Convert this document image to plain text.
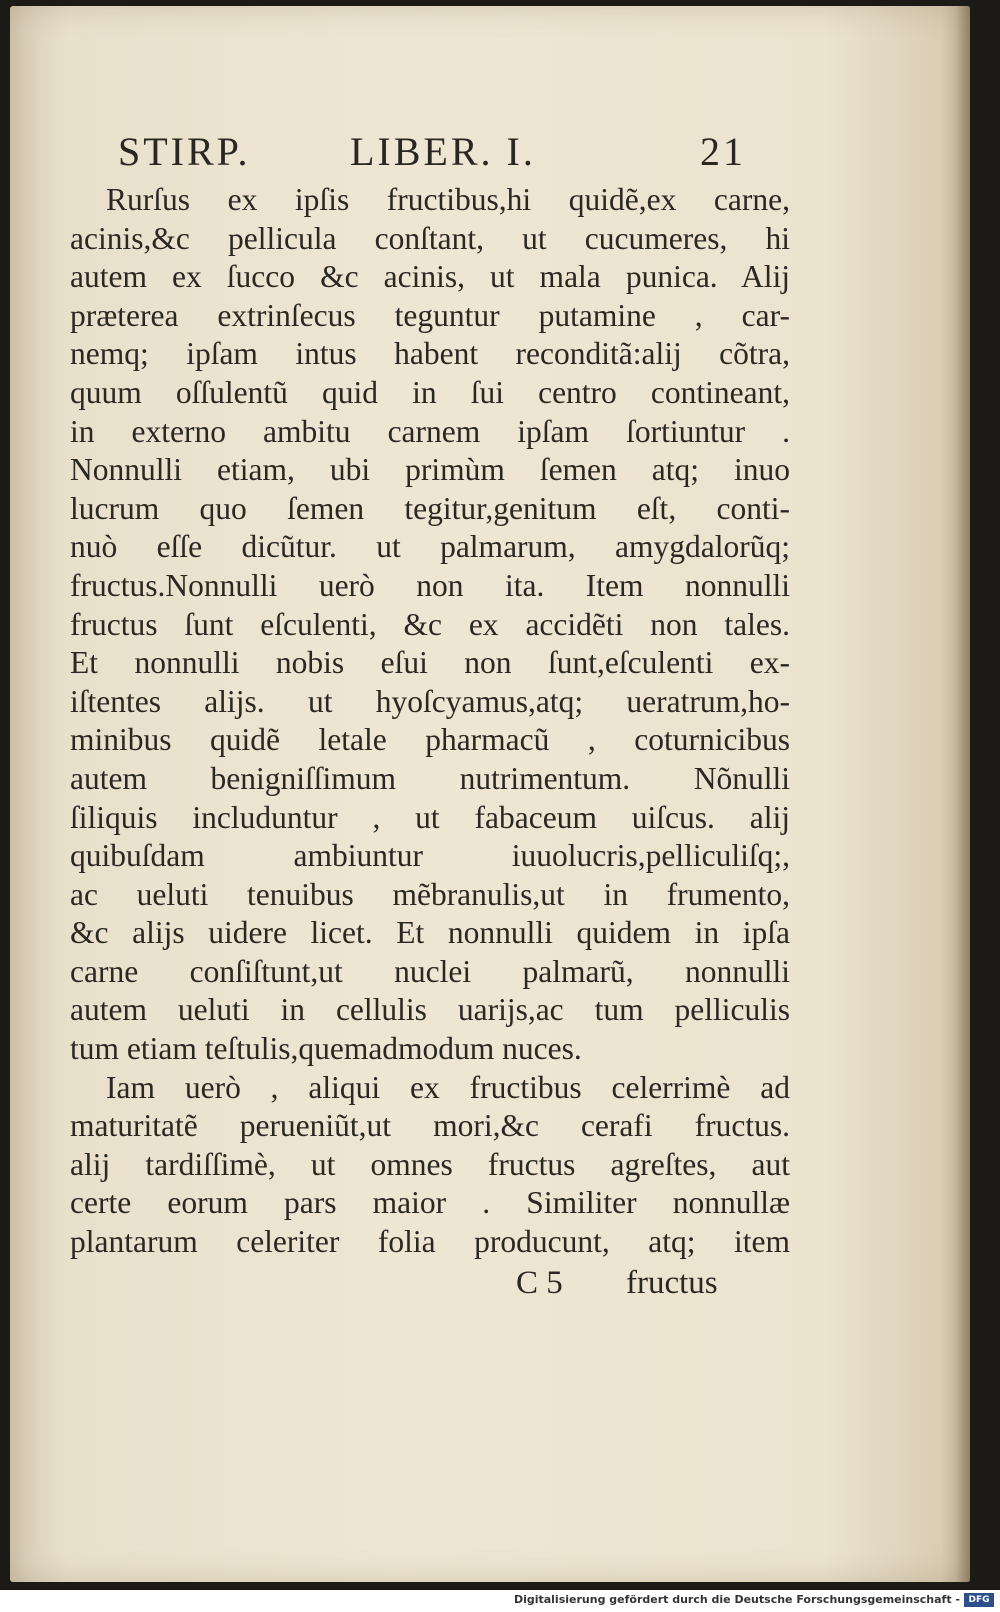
STIRP. LIBER. I.	21
Rurſus ex ipſis fructibus,hi quidẽ,ex carne,
acinis,&c pellicula conſtant, ut cucumeres, hi
autem ex ſucco &c acinis, ut mala punica. Alij
præterea extrinſecus teguntur putamine , car-
nemq; ipſam intus habent reconditã:alij cõtra,
quum oſſulentũ quid in ſui centro contineant,
in externo ambitu carnem ipſam ſortiuntur .
Nonnulli etiam, ubi primùm ſemen atq; inuo
lucrum quo ſemen tegitur,genitum eſt, conti-
nuò eſſe dicũtur. ut palmarum, amygdalorũq;
fructus.Nonnulli uerò non ita. Item nonnulli
fructus ſunt eſculenti, &c ex accidẽti non tales.
Et nonnulli nobis eſui non ſunt,eſculenti ex-
iſtentes alijs. ut hyoſcyamus,atq; ueratrum,ho-
minibus quidẽ letale pharmacũ , coturnicibus
autem benigniſſimum nutrimentum. Nõnulli
ſiliquis includuntur , ut fabaceum uiſcus. alij
quibuſdam ambiuntur iuuolucris,pelliculiſq;,
ac ueluti tenuibus mẽbranulis,ut in frumento,
&c alijs uidere licet. Et nonnulli quidem in ipſa
carne conſiſtunt,ut nuclei palmarũ, nonnulli
autem ueluti in cellulis uarijs,ac tum pelliculis
tum etiam teſtulis,quemadmodum nuces.
Iam uerò , aliqui ex fructibus celerrimè ad
maturitatẽ perueniũt,ut mori,&c cerafi fructus.
alij tardiſſimè, ut omnes fructus agreſtes, aut
certe eorum pars maior . Similiter nonnullæ
plantarum celeriter folia producunt, atq; item
C 5 fructus
Digitalisierung gefördert durch die Deutsche Forschungsgemeinschaft - DFG
